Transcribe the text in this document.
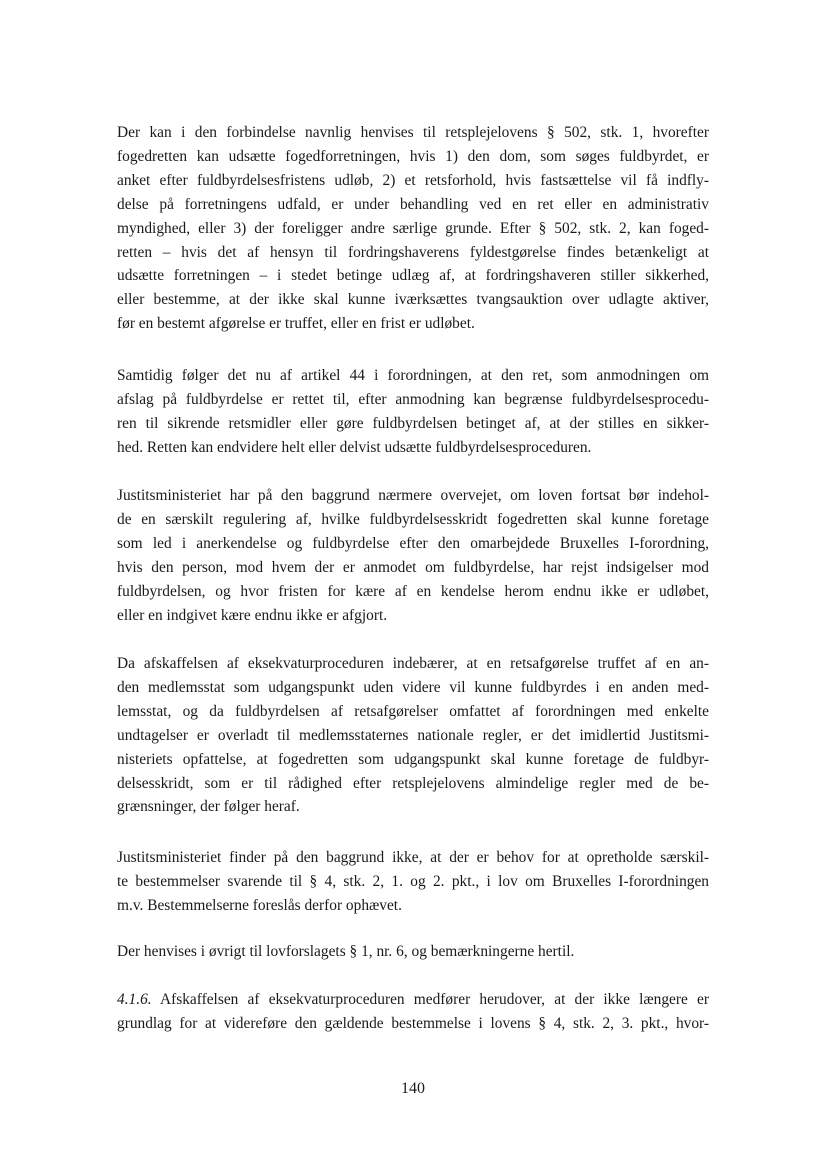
Der kan i den forbindelse navnlig henvises til retsplejelovens § 502, stk. 1, hvorefter
fogedretten kan udsætte fogedforretningen, hvis 1) den dom, som søges fuldbyrdet, er
anket efter fuldbyrdelsesfristens udløb, 2) et retsforhold, hvis fastsættelse vil få indfly-
delse på forretningens udfald, er under behandling ved en ret eller en administrativ
myndighed, eller 3) der foreligger andre særlige grunde. Efter § 502, stk. 2, kan foged-
retten – hvis det af hensyn til fordringshaverens fyldestgørelse findes betænkeligt at
udsætte forretningen – i stedet betinge udlæg af, at fordringshaveren stiller sikkerhed,
eller bestemme, at der ikke skal kunne iværksættes tvangsauktion over udlagte aktiver,
før en bestemt afgørelse er truffet, eller en frist er udløbet.
Samtidig følger det nu af artikel 44 i forordningen, at den ret, som anmodningen om
afslag på fuldbyrdelse er rettet til, efter anmodning kan begrænse fuldbyrdelsesprocedu-
ren til sikrende retsmidler eller gøre fuldbyrdelsen betinget af, at der stilles en sikker-
hed. Retten kan endvidere helt eller delvist udsætte fuldbyrdelsesproceduren.
Justitsministeriet har på den baggrund nærmere overvejet, om loven fortsat bør indehol-
de en særskilt regulering af, hvilke fuldbyrdelsesskridt fogedretten skal kunne foretage
som led i anerkendelse og fuldbyrdelse efter den omarbejdede Bruxelles I-forordning,
hvis den person, mod hvem der er anmodet om fuldbyrdelse, har rejst indsigelser mod
fuldbyrdelsen, og hvor fristen for kære af en kendelse herom endnu ikke er udløbet,
eller en indgivet kære endnu ikke er afgjort.
Da afskaffelsen af eksekvaturproceduren indebærer, at en retsafgørelse truffet af en an-
den medlemsstat som udgangspunkt uden videre vil kunne fuldbyrdes i en anden med-
lemsstat, og da fuldbyrdelsen af retsafgørelser omfattet af forordningen med enkelte
undtagelser er overladt til medlemsstaternes nationale regler, er det imidlertid Justitsmi-
nisteriets opfattelse, at fogedretten som udgangspunkt skal kunne foretage de fuldbyr-
delsesskridt, som er til rådighed efter retsplejelovens almindelige regler med de be-
grænsninger, der følger heraf.
Justitsministeriet finder på den baggrund ikke, at der er behov for at opretholde særskil-
te bestemmelser svarende til § 4, stk. 2, 1. og 2. pkt., i lov om Bruxelles I-forordningen
m.v. Bestemmelserne foreslås derfor ophævet.
Der henvises i øvrigt til lovforslagets § 1, nr. 6, og bemærkningerne hertil.
4.1.6. Afskaffelsen af eksekvaturproceduren medfører herudover, at der ikke længere er
grundlag for at videreføre den gældende bestemmelse i lovens § 4, stk. 2, 3. pkt., hvor-
140
